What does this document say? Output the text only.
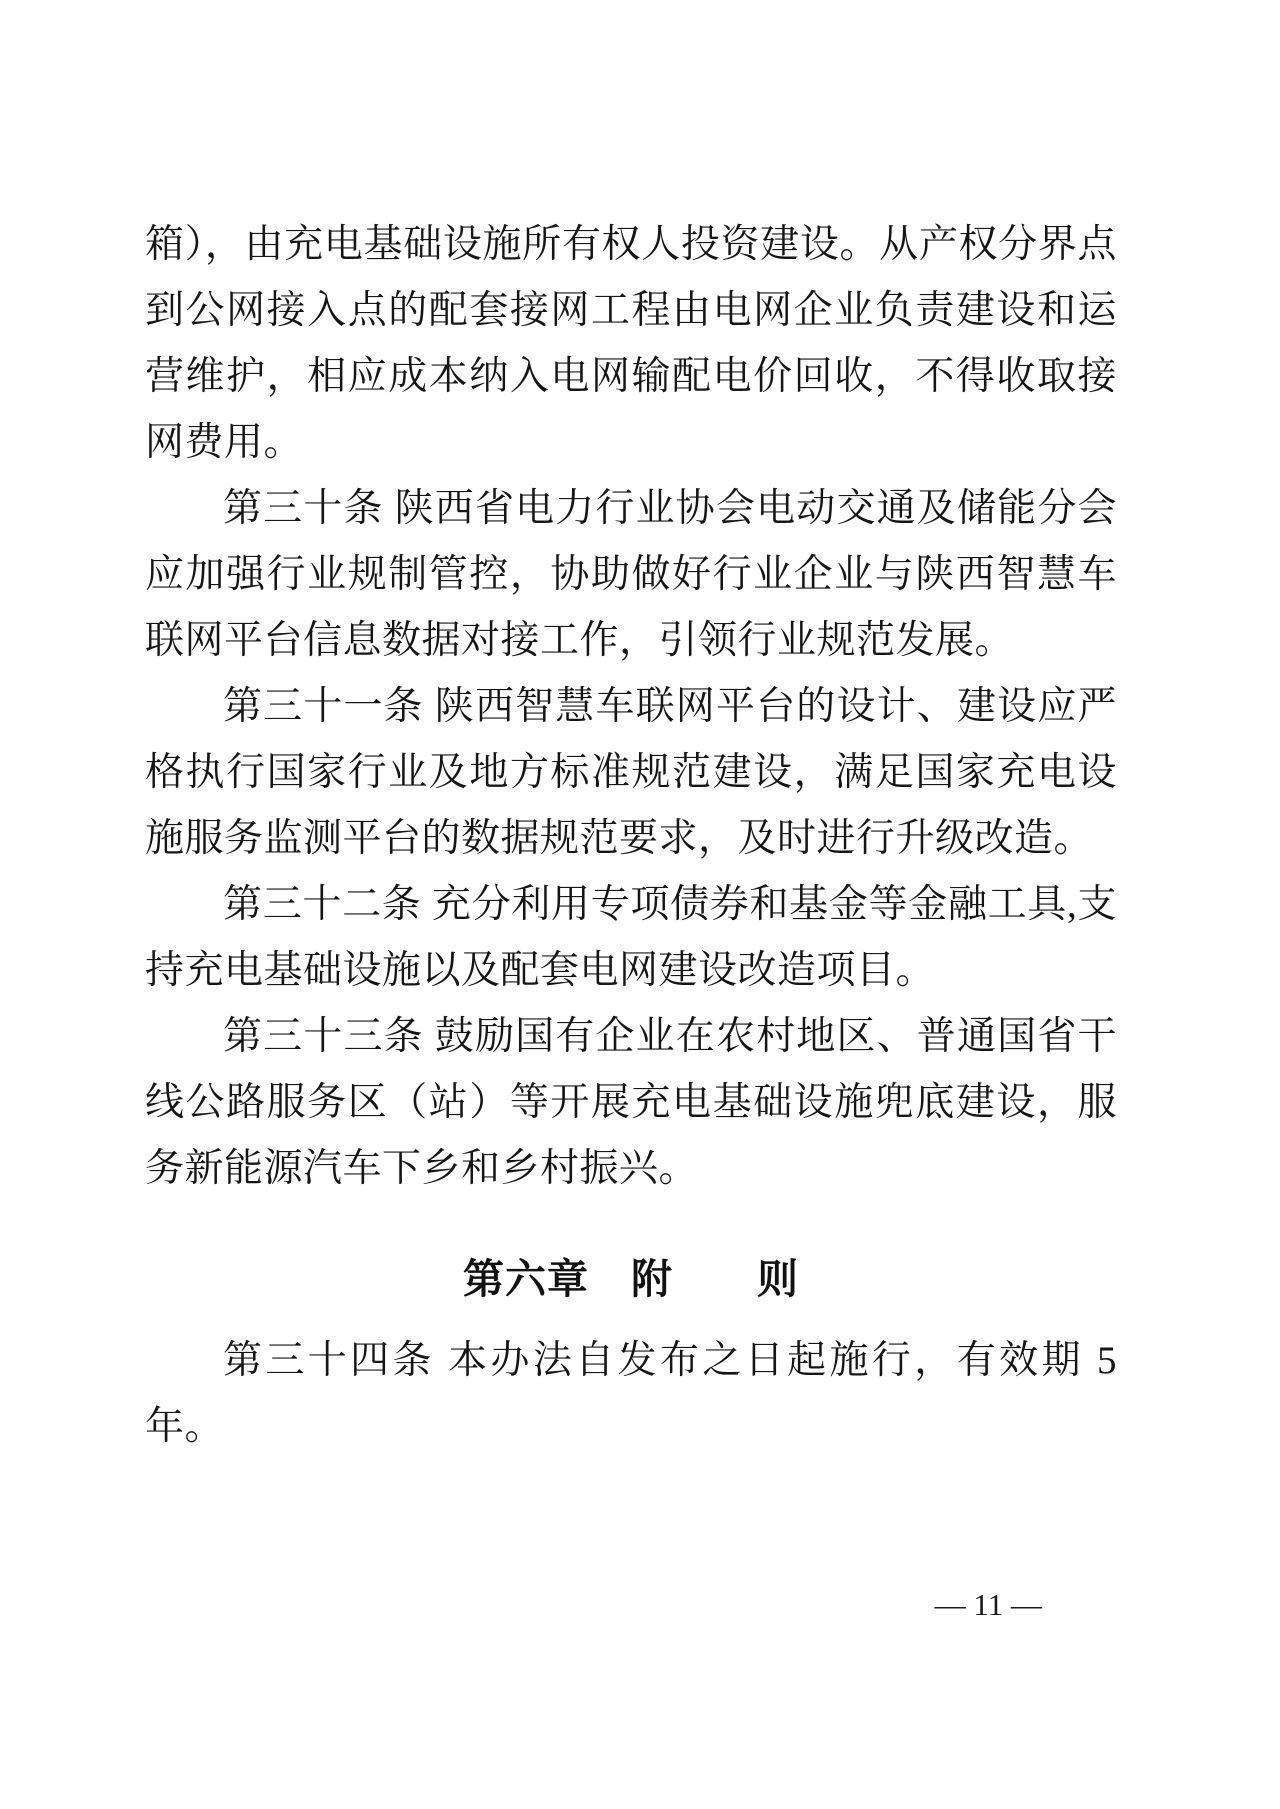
箱），由充电基础设施所有权人投资建设。从产权分界点到公网接入点的配套接网工程由电网企业负责建设和运营维护，相应成本纳入电网输配电价回收，不得收取接网费用。

第三十条 陕西省电力行业协会电动交通及储能分会应加强行业规制管控，协助做好行业企业与陕西智慧车联网平台信息数据对接工作，引领行业规范发展。

第三十一条 陕西智慧车联网平台的设计、建设应严格执行国家行业及地方标准规范建设，满足国家充电设施服务监测平台的数据规范要求，及时进行升级改造。

第三十二条 充分利用专项债券和基金等金融工具,支持充电基础设施以及配套电网建设改造项目。

第三十三条 鼓励国有企业在农村地区、普通国省干线公路服务区（站）等开展充电基础设施兜底建设，服务新能源汽车下乡和乡村振兴。

第六章　附　　则

第三十四条 本办法自发布之日起施行，有效期 5 年。

— 11 —
